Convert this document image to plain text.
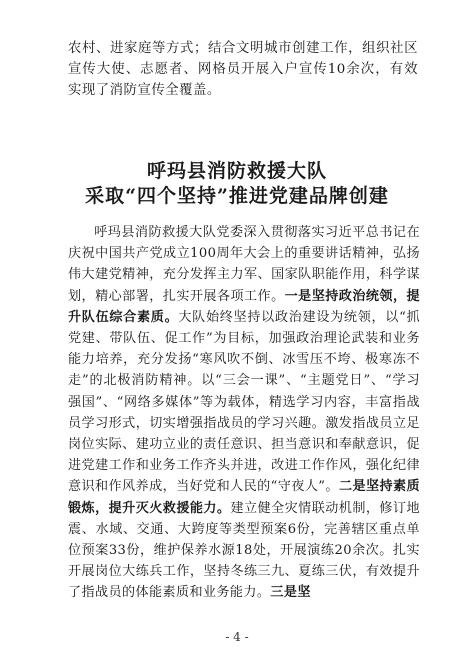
农村、进家庭等方式；结合文明城市创建工作，组织社区宣传大使、志愿者、网格员开展入户宣传10余次，有效实现了消防宣传全覆盖。

呼玛县消防救援大队
采取“四个坚持”推进党建品牌创建

呼玛县消防救援大队党委深入贯彻落实习近平总书记在庆祝中国共产党成立100周年大会上的重要讲话精神，弘扬伟大建党精神，充分发挥主力军、国家队职能作用，科学谋划，精心部署，扎实开展各项工作。一是坚持政治统领，提升队伍综合素质。大队始终坚持以政治建设为统领，以“抓党建、带队伍、促工作”为目标，加强政治理论武装和业务能力培养，充分发扬“寒风吹不倒、冰雪压不垮、极寒冻不走”的北极消防精神。以“三会一课”、“主题党日”、“学习强国”、“网络多媒体”等为载体，精选学习内容，丰富指战员学习形式，切实增强指战员的学习兴趣。激发指战员立足岗位实际、建功立业的责任意识、担当意识和奉献意识，促进党建工作和业务工作齐头并进，改进工作作风，强化纪律意识和作风养成，当好党和人民的“守夜人”。二是坚持素质锻炼，提升灭火救援能力。建立健全灾情联动机制，修订地震、水域、交通、大跨度等类型预案6份，完善辖区重点单位预案33份，维护保养水源18处，开展演练20余次。扎实开展岗位大练兵工作，坚持冬练三九、夏练三伏，有效提升了指战员的体能素质和业务能力。三是坚

- 4 -
